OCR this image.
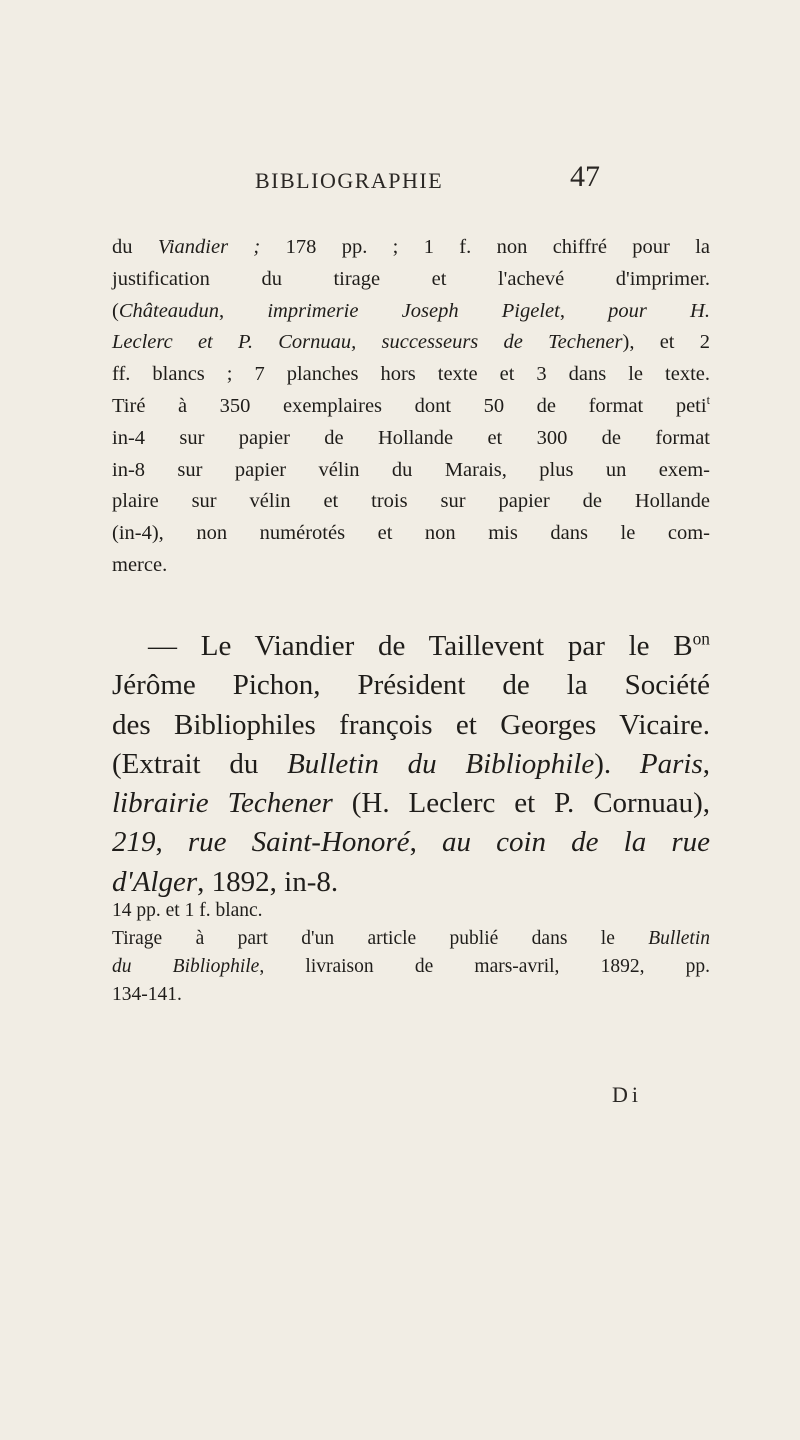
BIBLIOGRAPHIE	47
du Viandier ; 178 pp. ; 1 f. non chiffré pour la
justification du tirage et l'achevé d'imprimer.
(Châteaudun, imprimerie Joseph Pigelet, pour H.
Leclerc et P. Cornuau, successeurs de Techener), et 2
ff. blancs ; 7 planches hors texte et 3 dans le texte.
Tiré à 350 exemplaires dont 50 de format peti$^t$
in-4 sur papier de Hollande et 300 de format
in-8 sur papier vélin du Marais, plus un exem-
plaire sur vélin et trois sur papier de Hollande
(in-4), non numérotés et non mis dans le com-
merce.
— Le Viandier de Taillevent par le $B^{on}$
Jérôme Pichon, Président de la Société
des Bibliophiles françois et Georges Vicaire.
(Extrait du Bulletin du Bibliophile). Paris,
librairie Techener (H. Leclerc et P. Cornuau),
219, rue Saint-Honoré, au coin de la rue
d'Alger, 1892, in-8.
14 pp. et 1 f. blanc.
Tirage à part d'un article publié dans le Bulletin
du Bibliophile, livraison de mars-avril, 1892, pp.
134-141.
Di
